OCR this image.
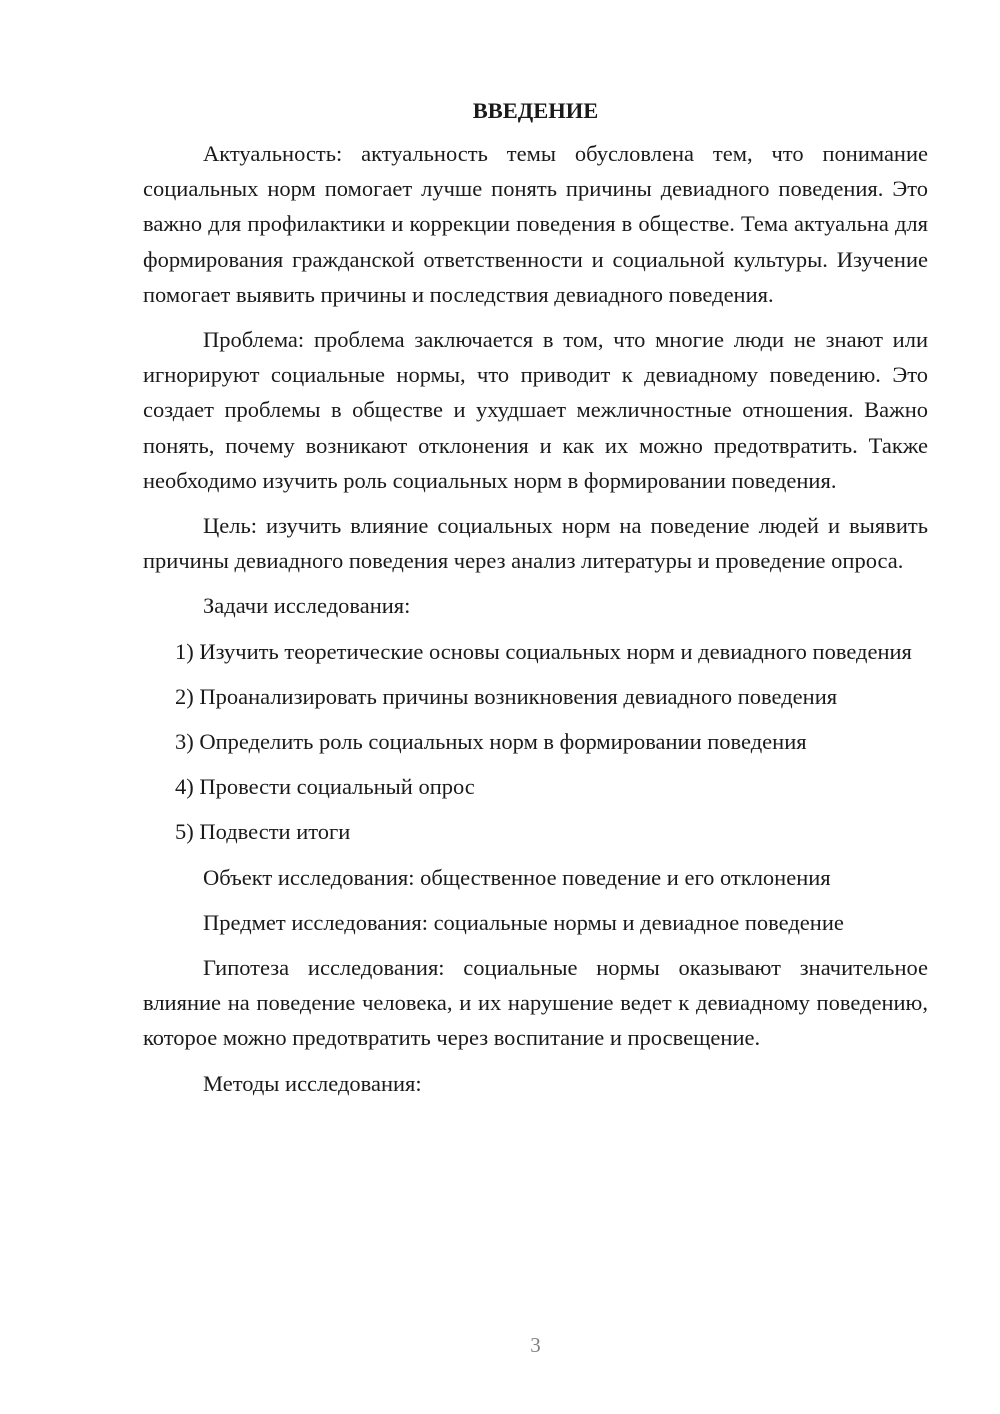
ВВЕДЕНИЕ

Актуальность: актуальность темы обусловлена тем, что понимание социальных норм помогает лучше понять причины девиадного поведения. Это важно для профилактики и коррекции поведения в обществе. Тема актуальна для формирования гражданской ответственности и социальной культуры. Изучение помогает выявить причины и последствия девиадного поведения.

Проблема: проблема заключается в том, что многие люди не знают или игнорируют социальные нормы, что приводит к девиадному поведению. Это создает проблемы в обществе и ухудшает межличностные отношения. Важно понять, почему возникают отклонения и как их можно предотвратить. Также необходимо изучить роль социальных норм в формировании поведения.

Цель: изучить влияние социальных норм на поведение людей и выявить причины девиадного поведения через анализ литературы и проведение опроса.

Задачи исследования:

1) Изучить теоретические основы социальных норм и девиадного поведения

2) Проанализировать причины возникновения девиадного поведения

3) Определить роль социальных норм в формировании поведения

4) Провести социальный опрос

5) Подвести итоги

Объект исследования: общественное поведение и его отклонения

Предмет исследования: социальные нормы и девиадное поведение

Гипотеза исследования: социальные нормы оказывают значительное влияние на поведение человека, и их нарушение ведет к девиадному поведению, которое можно предотвратить через воспитание и просвещение.

Методы исследования:

3
